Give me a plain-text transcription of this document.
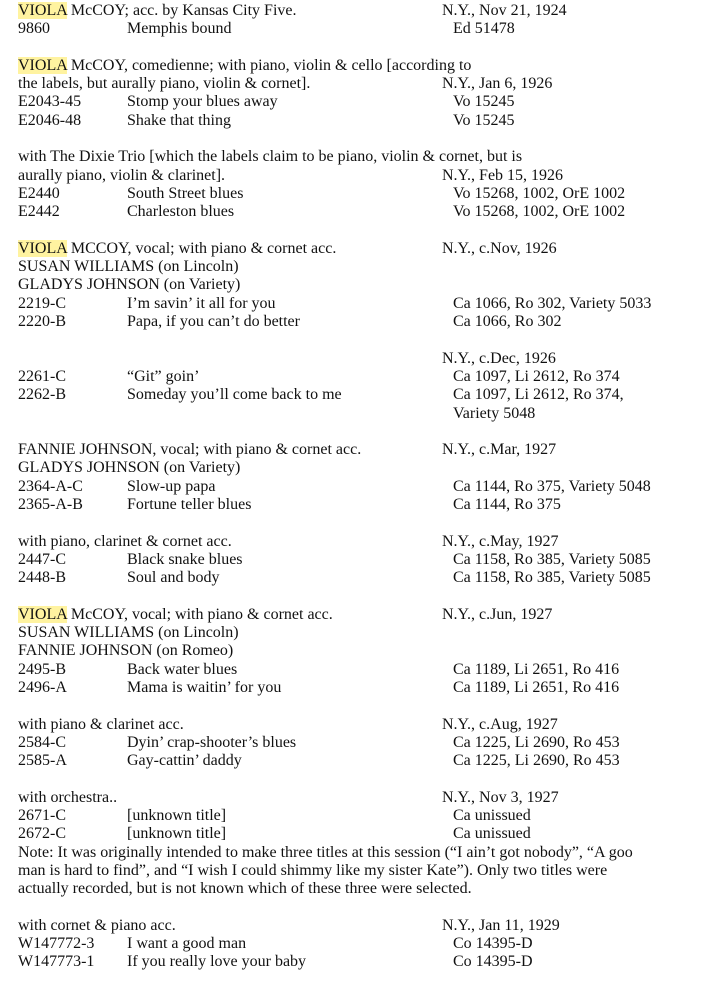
VIOLA McCOY; acc. by Kansas City Five.	N.Y., Nov 21, 1924
9860	Memphis bound	Ed 51478
VIOLA McCOY, comedienne; with piano, violin & cello [according to
the labels, but aurally piano, violin & cornet].	N.Y., Jan 6, 1926
E2043-45	Stomp your blues away	Vo 15245
E2046-48	Shake that thing	Vo 15245
with The Dixie Trio [which the labels claim to be piano, violin & cornet, but is
aurally piano, violin & clarinet].	N.Y., Feb 15, 1926
E2440	South Street blues	Vo 15268, 1002, OrE 1002
E2442	Charleston blues	Vo 15268, 1002, OrE 1002
VIOLA MCCOY, vocal; with piano & cornet acc.	N.Y., c.Nov, 1926
SUSAN WILLIAMS (on Lincoln)
GLADYS JOHNSON (on Variety)
2219-C	I’m savin’ it all for you	Ca 1066, Ro 302, Variety 5033
2220-B	Papa, if you can’t do better	Ca 1066, Ro 302
N.Y., c.Dec, 1926
2261-C	“Git” goin’	Ca 1097, Li 2612, Ro 374
2262-B	Someday you’ll come back to me	Ca 1097, Li 2612, Ro 374,
Variety 5048
FANNIE JOHNSON, vocal; with piano & cornet acc.	N.Y., c.Mar, 1927
GLADYS JOHNSON (on Variety)
2364-A-C	Slow-up papa	Ca 1144, Ro 375, Variety 5048
2365-A-B	Fortune teller blues	Ca 1144, Ro 375
with piano, clarinet & cornet acc.	N.Y., c.May, 1927
2447-C	Black snake blues	Ca 1158, Ro 385, Variety 5085
2448-B	Soul and body	Ca 1158, Ro 385, Variety 5085
VIOLA McCOY, vocal; with piano & cornet acc.	N.Y., c.Jun, 1927
SUSAN WILLIAMS (on Lincoln)
FANNIE JOHNSON (on Romeo)
2495-B	Back water blues	Ca 1189, Li 2651, Ro 416
2496-A	Mama is waitin’ for you	Ca 1189, Li 2651, Ro 416
with piano & clarinet acc.	N.Y., c.Aug, 1927
2584-C	Dyin’ crap-shooter’s blues	Ca 1225, Li 2690, Ro 453
2585-A	Gay-cattin’ daddy	Ca 1225, Li 2690, Ro 453
with orchestra..	N.Y., Nov 3, 1927
2671-C	[unknown title]	Ca unissued
2672-C	[unknown title]	Ca unissued
Note: It was originally intended to make three titles at this session (“I ain’t got nobody”, “A goo
man is hard to find”, and “I wish I could shimmy like my sister Kate”). Only two titles were
actually recorded, but is not known which of these three were selected.
with cornet & piano acc.	N.Y., Jan 11, 1929
W147772-3 I want a good man	Co 14395-D
W147773-1 If you really love your baby	Co 14395-D
